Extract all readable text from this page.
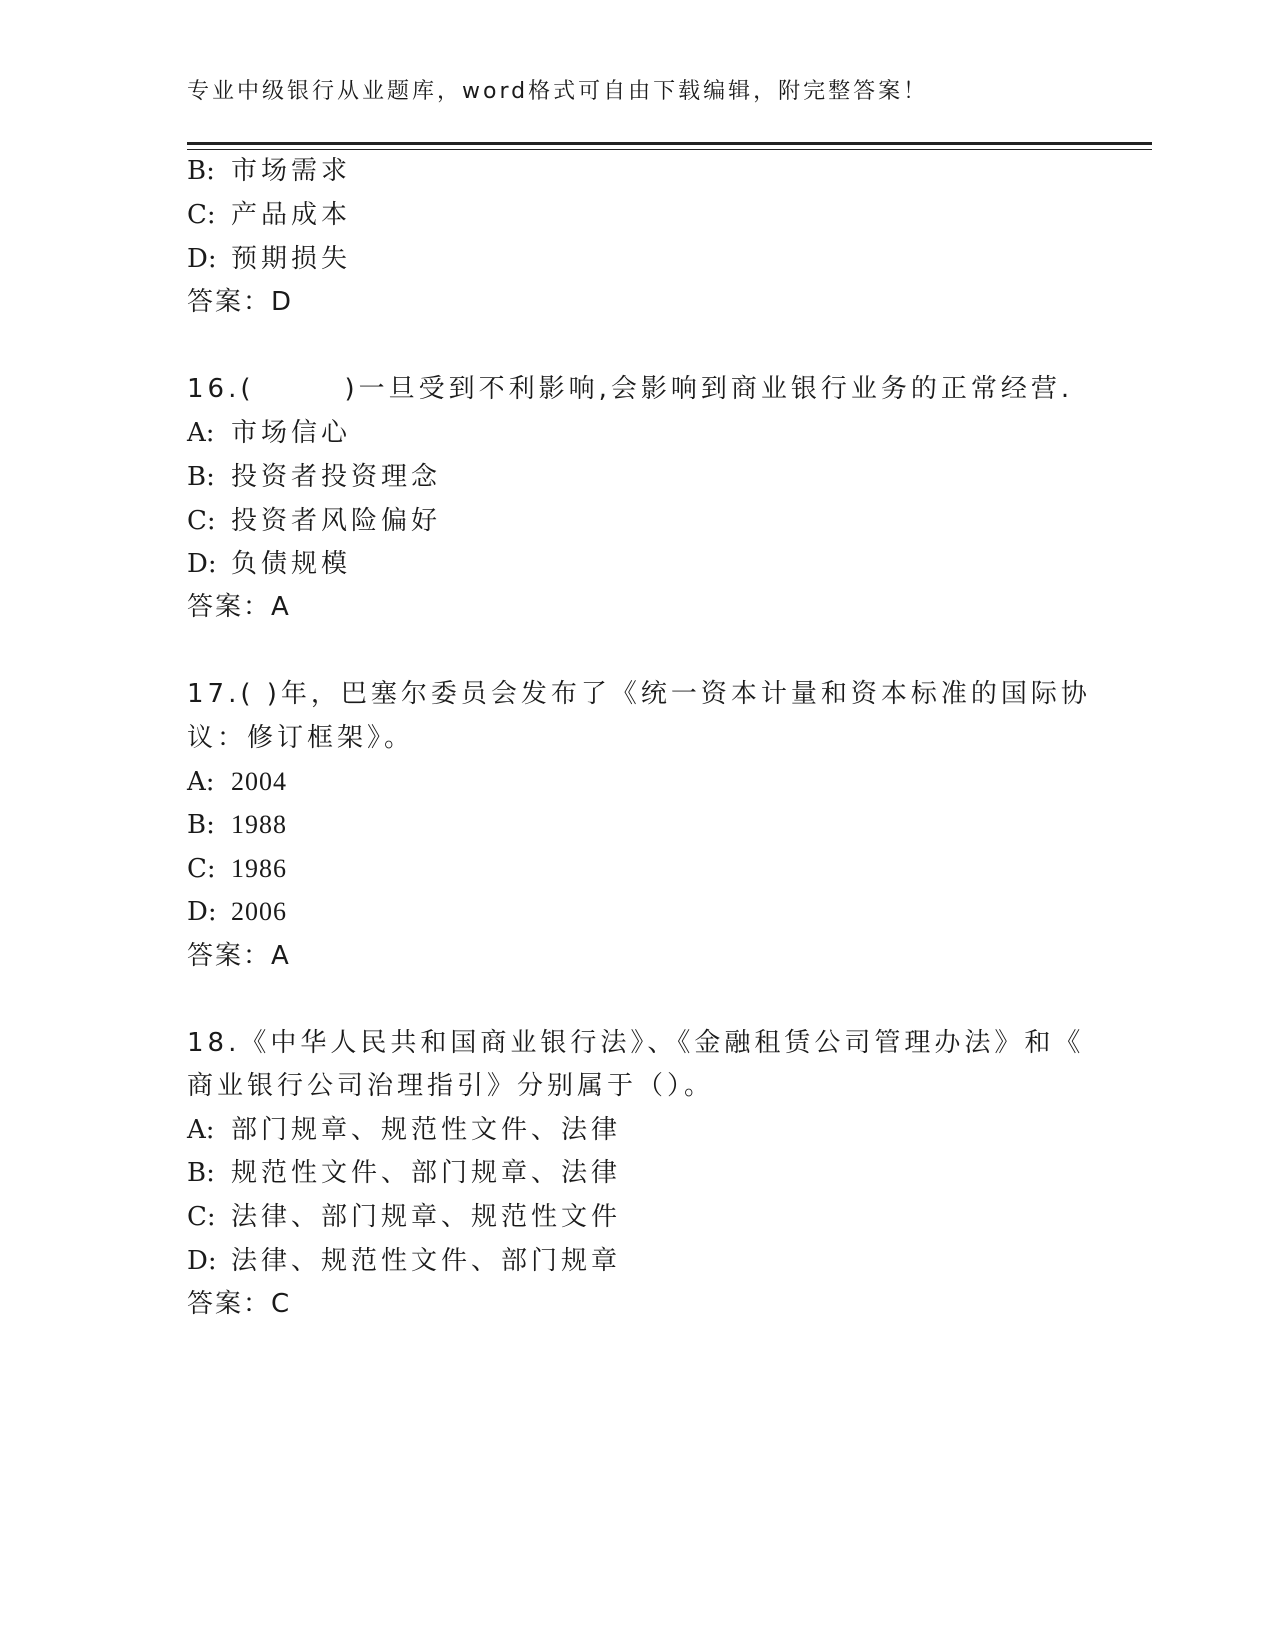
专业中级银行从业题库，word格式可自由下载编辑，附完整答案！
B: 市场需求
C: 产品成本
D: 预期损失
答案：D
16.(　　　)一旦受到不利影响,会影响到商业银行业务的正常经营.
A: 市场信心
B: 投资者投资理念
C: 投资者风险偏好
D: 负债规模
答案：A
17.( )年，巴塞尔委员会发布了《统一资本计量和资本标准的国际协
议：修订框架》。
A: 2004
B: 1988
C: 1986
D: 2006
答案：A
18.《中华人民共和国商业银行法》、《金融租赁公司管理办法》和《
商业银行公司治理指引》分别属于（）。
A: 部门规章、规范性文件、法律
B: 规范性文件、部门规章、法律
C: 法律、部门规章、规范性文件
D: 法律、规范性文件、部门规章
答案：C
